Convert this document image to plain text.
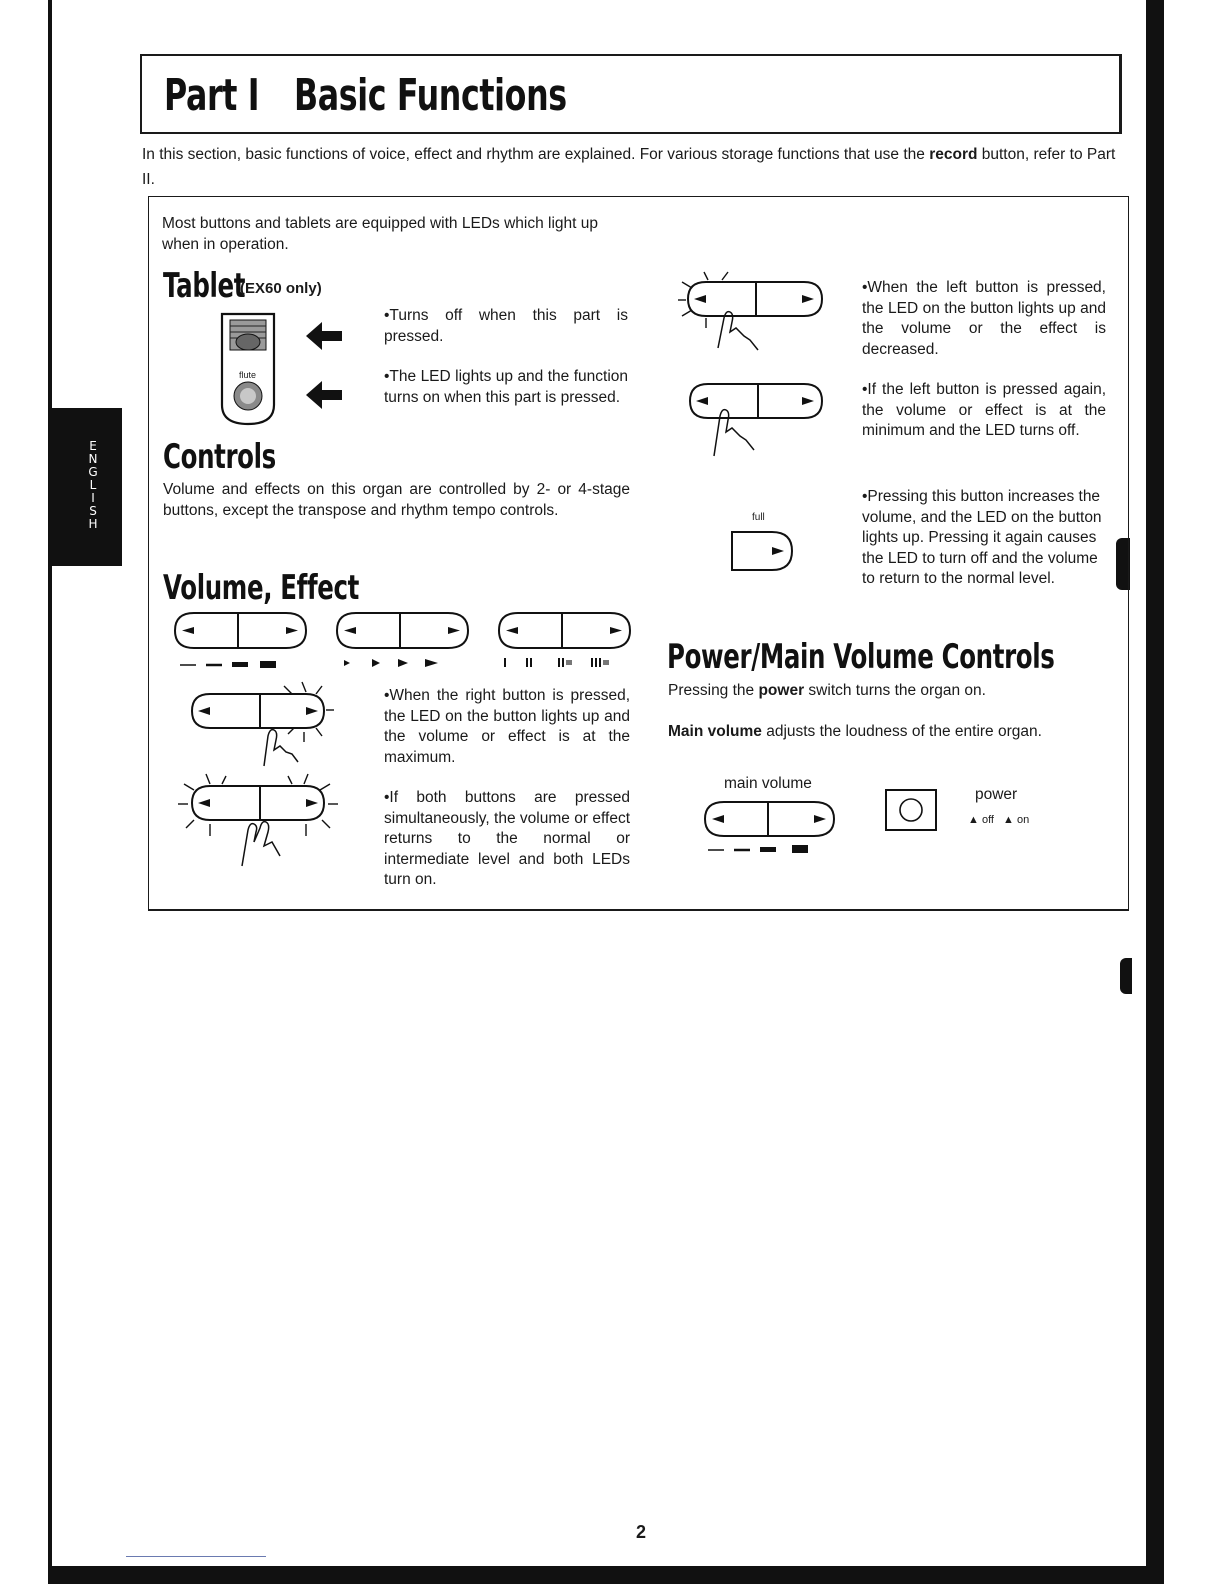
ENGLISH
Part I Basic Functions
In this section, basic functions of voice, effect and rhythm are explained. For various storage functions that use the record button, refer to Part II.
Most buttons and tablets are equipped with LEDs which light up when in operation.
Tablet
(EX60 only)
flute
•Turns off when this part is pressed.
•The LED lights up and the function turns on when this part is pressed.
Controls
Volume and effects on this organ are controlled by 2- or 4-stage buttons, except the transpose and rhythm tempo controls.
Volume, Effect
•When the right button is pressed, the LED on the button lights up and the volume or effect is at the maximum.
•If both buttons are pressed simultaneously, the volume or effect returns to the normal or intermediate level and both LEDs turn on.
•When the left button is pressed, the LED on the button lights up and the volume or the effect is decreased.
•If the left button is pressed again, the volume or effect is at the minimum and the LED turns off.
full
•Pressing this button increases the volume, and the LED on the button lights up. Pressing it again causes the LED to turn off and the volume to return to the normal level.
Power/Main Volume Controls
Pressing the power switch turns the organ on.
Main volume adjusts the loudness of the entire organ.
main volume
power
▲ off ▲ on
2
